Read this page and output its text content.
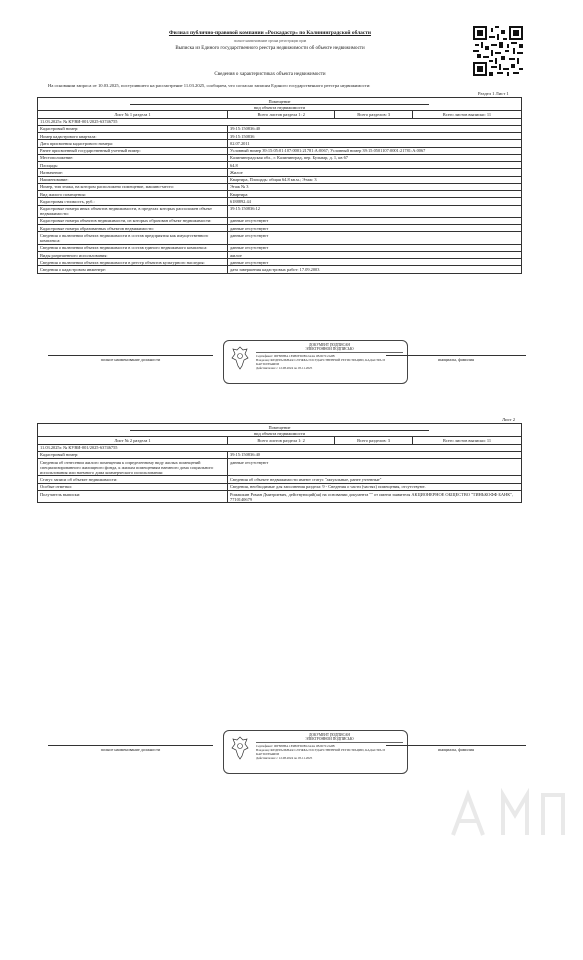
Филиал публично-правовой компании «Роскадастр» по Калининградской области
полное наименование органа регистрации прав
Выписка из Единого государственного реестра недвижимости об объекте недвижимости
Сведения о характеристиках объекта недвижимости
На основании запроса от 10.03.2025, поступившего на рассмотрение 11.03.2025, сообщаем, что согласно записям Единого государственного реестра недвижимости:
Раздел 1 Лист 1
Помещение
вид объекта недвижимости			

Лист № 1 раздела 1	Всего листов раздела 1: 2	Всего разделов: 3	Всего листов выписки: 11
11.03.2025г. № КУВИ-001/2025-63746755			
Кадастровый номер:	39:15:150836:40		
Номер кадастрового квартала:	39:15:150836		
Дата присвоения кадастрового номера:	02.07.2011		
Ранее присвоенный государственный учетный номер:	Условный номер 39:15:05:01:107:0001:21781:А:0067; Условный номер 39:15:0501107:0001:21781:А:0067		
Местоположение:	Калининградская обл., г. Калининград, пер. Бульвар, д. 1, кв 67		
Площадь:	64.8		
Назначение:	Жилое		
Наименование:	Квартира, Площадь: общая 64.8 кв.м.; Этаж: 3		
Номер, тип этажа, на котором расположено помещение, машино-место:	Этаж № 3		
Вид жилого помещения:	Квартира		
Кадастровая стоимость, руб.:	6188892.44		
Кадастровые номера иных объектов недвижимости, в пределах которых расположен объект недвижимости:	39:15:150836:12		
Кадастровые номера объектов недвижимости, из которых образован объект недвижимости:	данные отсутствуют		
Кадастровые номера образованных объектов недвижимости:	данные отсутствуют		
Сведения о включении объекта недвижимости в состав предприятия как имущественного комплекса:	данные отсутствуют		
Сведения о включении объекта недвижимости в состав единого недвижимого комплекса:	данные отсутствуют		
Виды разрешенного использования:	жилое		
Сведения о включении объекта недвижимости в реестр объектов культурного наследия:	данные отсутствуют		
Сведения о кадастровом инженере:	дата завершения кадастровых работ: 17.09.2003		
полное наименование должности
ДОКУМЕНТ ПОДПИСАН
ЭЛЕКТРОННОЙ ПОДПИСЬЮ
Сертификат: 00F8E8BA 1E9B0FD0B12A4A 1B2D7C2A9B
Владелец: ФЕДЕРАЛЬНАЯ СЛУЖБА ГОСУДАРСТВЕННОЙ РЕГИСТРАЦИИ, КАДАСТРА И КАРТОГРАФИИ
Действителен: с 12.08.2024 по 05.11.2025
инициалы, фамилия
Лист 2
Помещение
вид объекта недвижимости			

Лист № 2 раздела 1	Всего листов раздела 1: 2	Всего разделов: 3	Всего листов выписки: 11
11.03.2025г. № КУВИ-001/2025-63746755			
Кадастровый номер:	39:15:150836:40		
Сведения об отнесении жилого помещения к определенному виду жилых помещений специализированного жилищного фонда, к жилым помещениям наемного дома социального использования или наемного дома коммерческого использования:	данные отсутствуют		
Статус записи об объекте недвижимости:	Сведения об объекте недвижимости имеют статус "актуальные, ранее учтенные"		
Особые отметки:	Сведения, необходимые для заполнения раздела: 9 - Сведения о части (частях) помещения, отсутствуют.		
Получатель выписки:	Ромашкин Роман Дмитриевич, действующий(ая) на основании документа "" от имени заявителя АКЦИОНЕРНОЕ ОБЩЕСТВО "ТИНЬКОФФ БАНК", 7710140679		
полное наименование должности
ДОКУМЕНТ ПОДПИСАН
ЭЛЕКТРОННОЙ ПОДПИСЬЮ
Сертификат: 00F8E8BA 1E9B0FD0B12A4A 1B2D7C2A9B
Владелец: ФЕДЕРАЛЬНАЯ СЛУЖБА ГОСУДАРСТВЕННОЙ РЕГИСТРАЦИИ, КАДАСТРА И КАРТОГРАФИИ
Действителен: с 12.08.2024 по 05.11.2025
инициалы, фамилия
